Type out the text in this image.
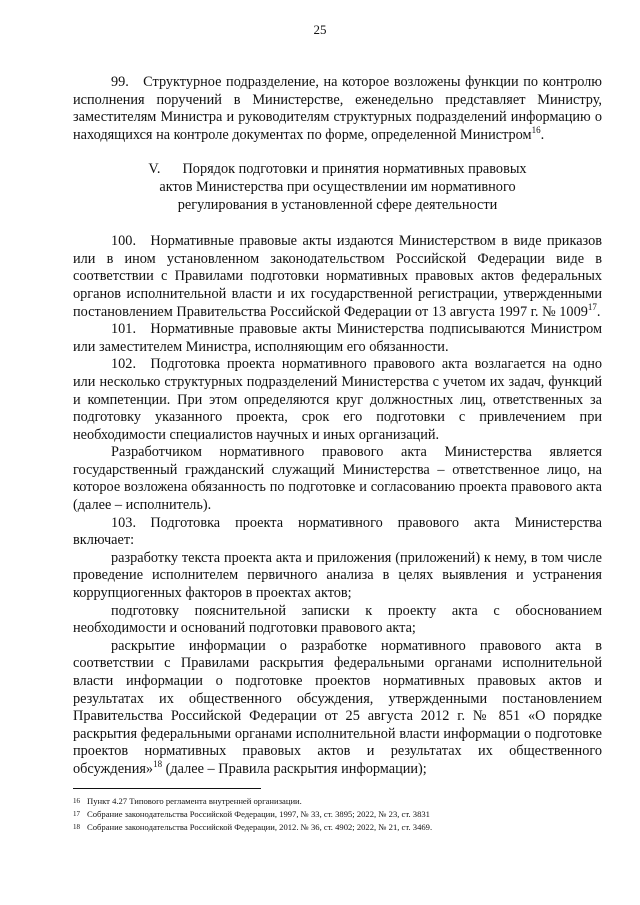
25

99. Структурное подразделение, на которое возложены функции по контролю исполнения поручений в Министерстве, еженедельно представляет Министру, заместителям Министра и руководителям структурных подразделений информацию о находящихся на контроле документах по форме, определенной Министром$^{16}$.

V. Порядок подготовки и принятия нормативных правовых
актов Министерства при осуществлении им нормативного
регулирования в установленной сфере деятельности

100. Нормативные правовые акты издаются Министерством в виде приказов или в ином установленном законодательством Российской Федерации виде в соответствии с Правилами подготовки нормативных правовых актов федеральных органов исполнительной власти и их государственной регистрации, утвержденными постановлением Правительства Российской Федерации от 13 августа 1997 г. № 1009$^{17}$.

101. Нормативные правовые акты Министерства подписываются Министром или заместителем Министра, исполняющим его обязанности.

102. Подготовка проекта нормативного правового акта возлагается на одно или несколько структурных подразделений Министерства с учетом их задач, функций и компетенции. При этом определяются круг должностных лиц, ответственных за подготовку указанного проекта, срок его подготовки с привлечением при необходимости специалистов научных и иных организаций.

Разработчиком нормативного правового акта Министерства является государственный гражданский служащий Министерства – ответственное лицо, на которое возложена обязанность по подготовке и согласованию проекта правового акта (далее – исполнитель).

103. Подготовка проекта нормативного правового акта Министерства включает:

разработку текста проекта акта и приложения (приложений) к нему, в том числе проведение исполнителем первичного анализа в целях выявления и устранения коррупциогенных факторов в проектах актов;

подготовку пояснительной записки к проекту акта с обоснованием необходимости и оснований подготовки правового акта;

раскрытие информации о разработке нормативного правового акта в соответствии с Правилами раскрытия федеральными органами исполнительной власти информации о подготовке проектов нормативных правовых актов и результатах их общественного обсуждения, утвержденными постановлением Правительства Российской Федерации от 25 августа 2012 г. № 851 «О порядке раскрытия федеральными органами исполнительной власти информации о подготовке проектов нормативных правовых актов и результатах их общественного обсуждения»$^{18}$ (далее – Правила раскрытия информации);

16 Пункт 4.27 Типового регламента внутренней организации.
17 Собрание законодательства Российской Федерации, 1997, № 33, ст. 3895; 2022, № 23, ст. 3831
18 Собрание законодательства Российской Федерации, 2012. № 36, ст. 4902; 2022, № 21, ст. 3469.
